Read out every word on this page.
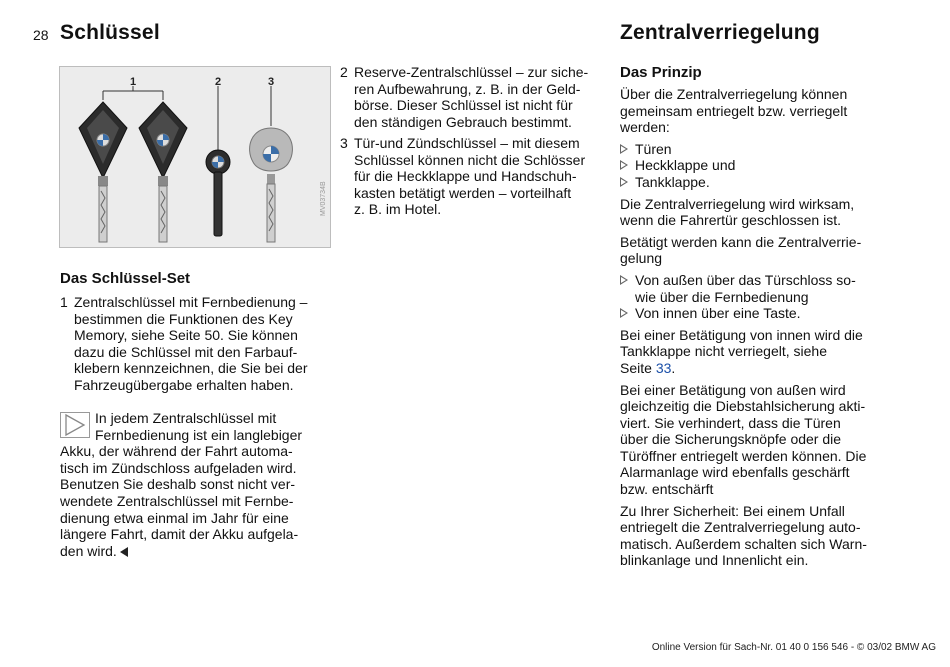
28 Schlüssel	Zentralverriegelung
1	2	3
MV03734B
Das Schlüssel-Set
1 Zentralschlüssel mit Fernbedienung –
bestimmen die Funktionen des Key
Memory, siehe Seite 50. Sie können
dazu die Schlüssel mit den Farbauf-
klebern kennzeichnen, die Sie bei der
Fahrzeugübergabe erhalten haben.
In jedem Zentralschlüssel mit
Fernbedienung ist ein langlebiger
Akku, der während der Fahrt automa-
tisch im Zündschloss aufgeladen wird.
Benutzen Sie deshalb sonst nicht ver-
wendete Zentralschlüssel mit Fernbe-
dienung etwa einmal im Jahr für eine
längere Fahrt, damit der Akku aufgela-
den wird.
2 Reserve-Zentralschlüssel – zur siche-
ren Aufbewahrung, z. B. in der Geld-
börse. Dieser Schlüssel ist nicht für
den ständigen Gebrauch bestimmt.
3 Tür-und Zündschlüssel – mit diesem
Schlüssel können nicht die Schlösser
für die Heckklappe und Handschuh-
kasten betätigt werden – vorteilhaft
z. B. im Hotel.
Das Prinzip
Über die Zentralverriegelung können
gemeinsam entriegelt bzw. verriegelt
werden:
Türen
Heckklappe und
Tankklappe.
Die Zentralverriegelung wird wirksam,
wenn die Fahrertür geschlossen ist.
Betätigt werden kann die Zentralverrie-
gelung
Von außen über das Türschloss so-
wie über die Fernbedienung
Von innen über eine Taste.
Bei einer Betätigung von innen wird die
Tankklappe nicht verriegelt, siehe
Seite 33.
Bei einer Betätigung von außen wird
gleichzeitig die Diebstahlsicherung akti-
viert. Sie verhindert, dass die Türen
über die Sicherungsknöpfe oder die
Türöffner entriegelt werden können. Die
Alarmanlage wird ebenfalls geschärft
bzw. entschärft
Zu Ihrer Sicherheit: Bei einem Unfall
entriegelt die Zentralverriegelung auto-
matisch. Außerdem schalten sich Warn-
blinkanlage und Innenlicht ein.
Online Version für Sach-Nr. 01 40 0 156 546 - © 03/02 BMW AG
